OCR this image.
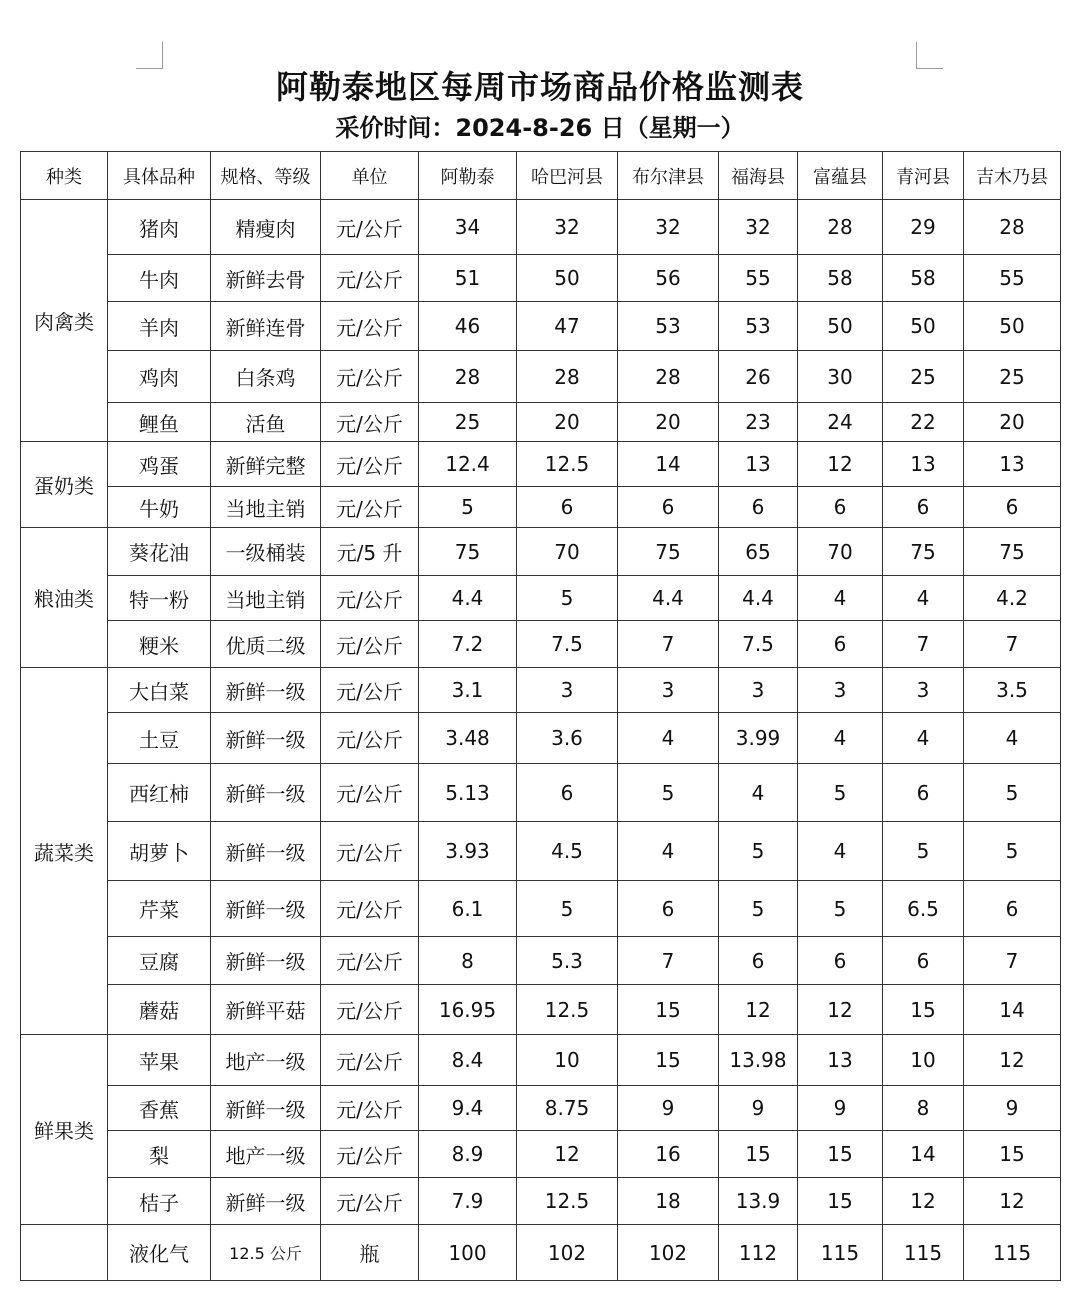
阿勒泰地区每周市场商品价格监测表
采价时间：2024-8-26 日（星期一）
种类	具体品种	规格、等级	单位	阿勒泰	哈巴河县	布尔津县	福海县	富蕴县	青河县	吉木乃县
肉禽类	猪肉	精瘦肉	元/公斤	34	32	32	32	28	29	28
	牛肉	新鲜去骨	元/公斤	51	50	56	55	58	58	55
	羊肉	新鲜连骨	元/公斤	46	47	53	53	50	50	50
	鸡肉	白条鸡	元/公斤	28	28	28	26	30	25	25
	鲤鱼	活鱼	元/公斤	25	20	20	23	24	22	20
蛋奶类	鸡蛋	新鲜完整	元/公斤	12.4	12.5	14	13	12	13	13
	牛奶	当地主销	元/公斤	5	6	6	6	6	6	6
粮油类	葵花油	一级桶装	元/5 升	75	70	75	65	70	75	75
	特一粉	当地主销	元/公斤	4.4	5	4.4	4.4	4	4	4.2
	粳米	优质二级	元/公斤	7.2	7.5	7	7.5	6	7	7
蔬菜类	大白菜	新鲜一级	元/公斤	3.1	3	3	3	3	3	3.5
	土豆	新鲜一级	元/公斤	3.48	3.6	4	3.99	4	4	4
	西红柿	新鲜一级	元/公斤	5.13	6	5	4	5	6	5
	胡萝卜	新鲜一级	元/公斤	3.93	4.5	4	5	4	5	5
	芹菜	新鲜一级	元/公斤	6.1	5	6	5	5	6.5	6
	豆腐	新鲜一级	元/公斤	8	5.3	7	6	6	6	7
	蘑菇	新鲜平菇	元/公斤	16.95	12.5	15	12	12	15	14
鲜果类	苹果	地产一级	元/公斤	8.4	10	15	13.98	13	10	12
	香蕉	新鲜一级	元/公斤	9.4	8.75	9	9	9	8	9
	梨	地产一级	元/公斤	8.9	12	16	15	15	14	15
	桔子	新鲜一级	元/公斤	7.9	12.5	18	13.9	15	12	12
	液化气	12.5 公斤	瓶	100	102	102	112	115	115	115
